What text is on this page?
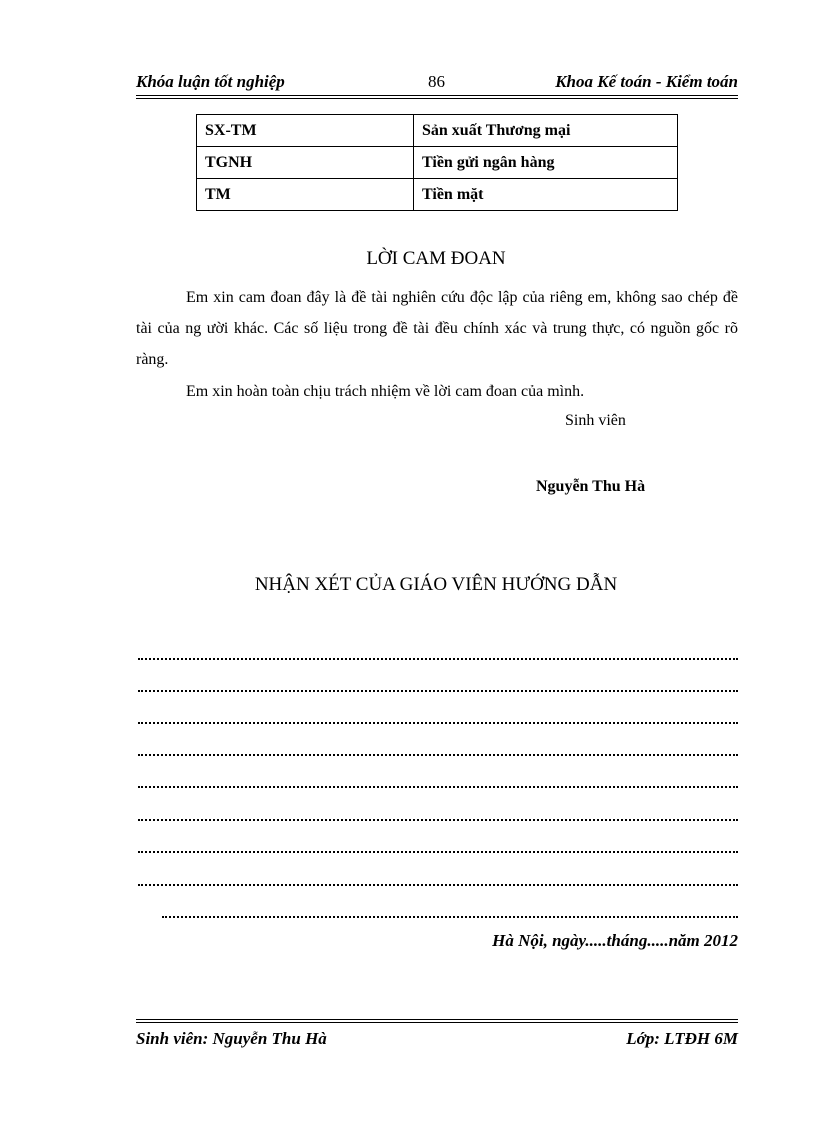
Khóa luận tốt nghiệp	86	Khoa Kế toán - Kiểm toán
SX-TM	Sản xuất Thương mại
TGNH	Tiền gửi ngân hàng
TM	Tiền mặt
LỜI CAM ĐOAN
Em xin cam đoan đây là đề tài nghiên cứu độc lập của riêng em, không sao chép đề tài của ng ười khác. Các số liệu trong đề tài đều chính xác và trung thực, có nguồn gốc rõ ràng.
Em xin hoàn toàn chịu trách nhiệm về lời cam đoan của mình.
Sinh viên
Nguyễn Thu Hà
NHẬN XÉT CỦA GIÁO VIÊN HƯỚNG DẪN
Hà Nội, ngày.....tháng.....năm 2012
Sinh viên: Nguyễn Thu Hà	Lớp: LTĐH 6M
